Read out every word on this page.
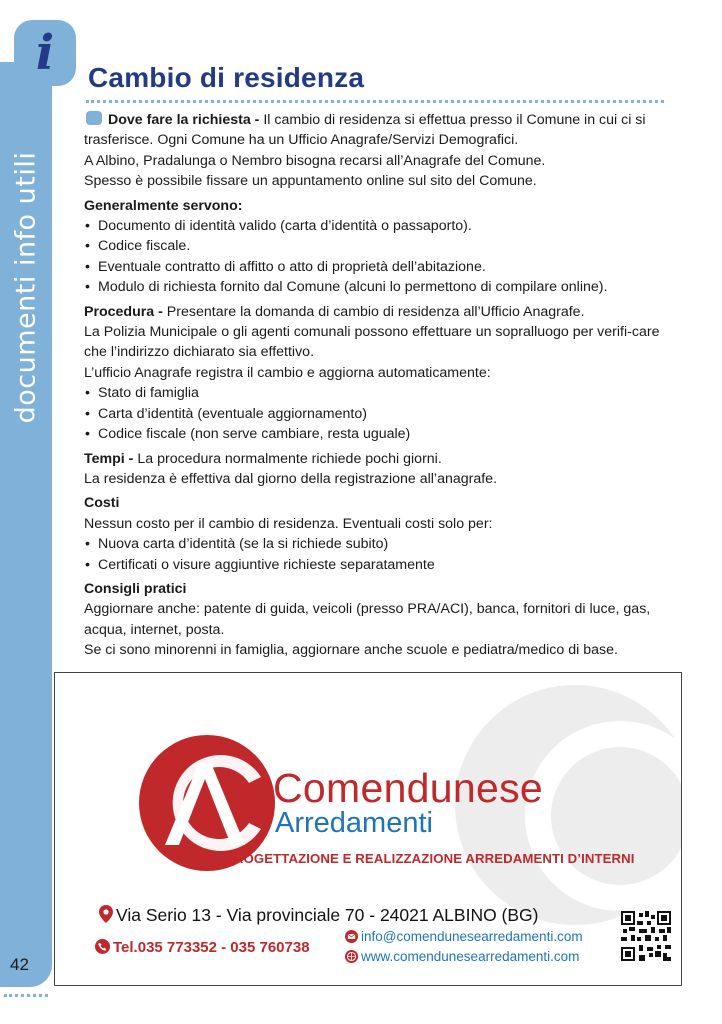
documenti info utili
i
42
Cambio di residenza

Dove fare la richiesta - Il cambio di residenza si effettua presso il Comune in cui ci si trasferisce. Ogni Comune ha un Ufficio Anagrafe/Servizi Demografici.

A Albino, Pradalunga o Nembro bisogna recarsi all’Anagrafe del Comune.

Spesso è possibile fissare un appuntamento online sul sito del Comune.

Generalmente servono:

• Documento di identità valido (carta d’identità o passaporto).
• Codice fiscale.
• Eventuale contratto di affitto o atto di proprietà dell’abitazione.
• Modulo di richiesta fornito dal Comune (alcuni lo permettono di compilare online).

Procedura - Presentare la domanda di cambio di residenza all’Ufficio Anagrafe.

La Polizia Municipale o gli agenti comunali possono effettuare un sopralluogo per verifi-care che l’indirizzo dichiarato sia effettivo.

L’ufficio Anagrafe registra il cambio e aggiorna automaticamente:

• Stato di famiglia
• Carta d’identità (eventuale aggiornamento)
• Codice fiscale (non serve cambiare, resta uguale)

Tempi - La procedura normalmente richiede pochi giorni.

La residenza è effettiva dal giorno della registrazione all’anagrafe.

Costi

Nessun costo per il cambio di residenza. Eventuali costi solo per:

• Nuova carta d’identità (se la si richiede subito)
• Certificati o visure aggiuntive richieste separatamente

Consigli pratici

Aggiornare anche: patente di guida, veicoli (presso PRA/ACI), banca, fornitori di luce, gas, acqua, internet, posta.

Se ci sono minorenni in famiglia, aggiornare anche scuole e pediatra/medico di base.

Comendunese
Arredamenti
PROGETTAZIONE E REALIZZAZIONE ARREDAMENTI D’INTERNI
Via Serio 13 - Via provinciale 70 - 24021 ALBINO (BG)
Tel.035 773352 - 035 760738
info@comendunesearredamenti.com
www.comendunesearredamenti.com
